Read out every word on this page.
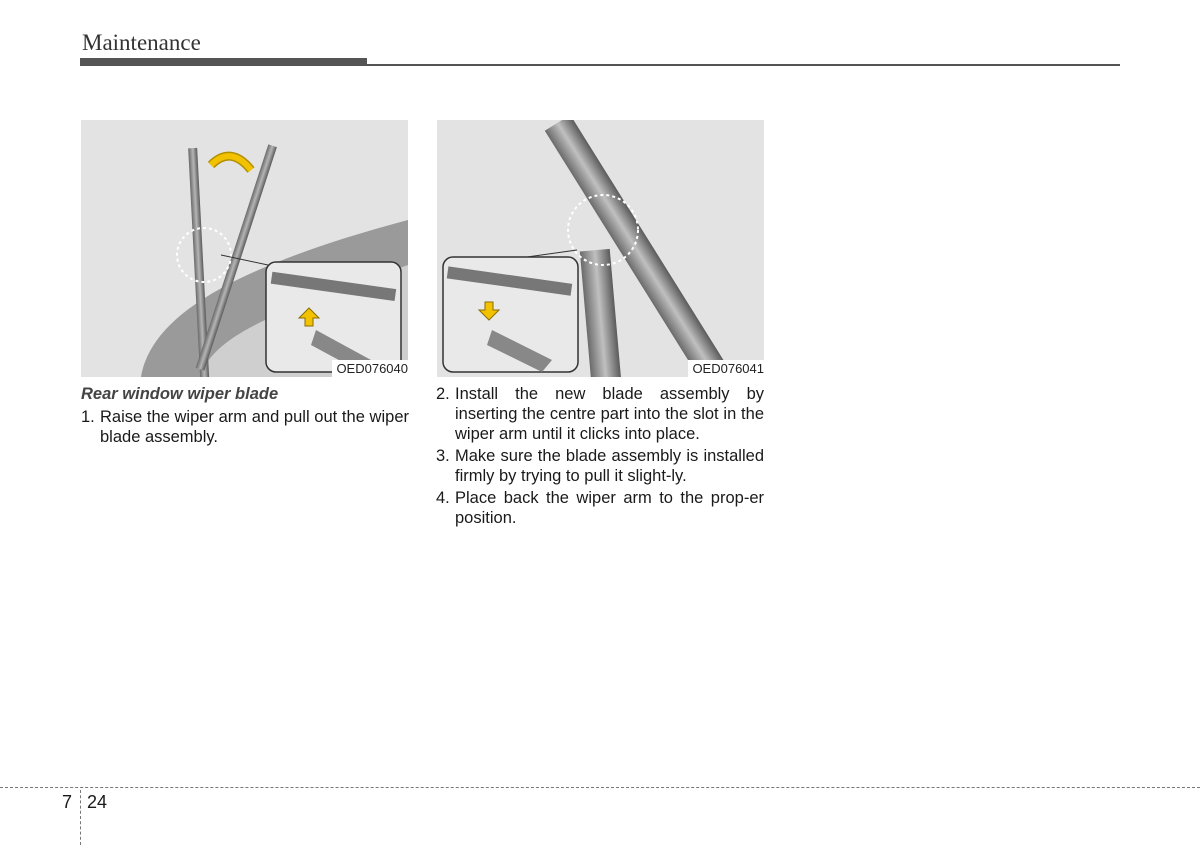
Maintenance
OED076040	OED076041
Rear window wiper blade
1. Raise the wiper arm and pull out the wiper blade assembly.
2. Install the new blade assembly by inserting the centre part into the slot in the wiper arm until it clicks into place.
3. Make sure the blade assembly is installed firmly by trying to pull it slight-ly.
4. Place back the wiper arm to the prop-er position.
7 24
